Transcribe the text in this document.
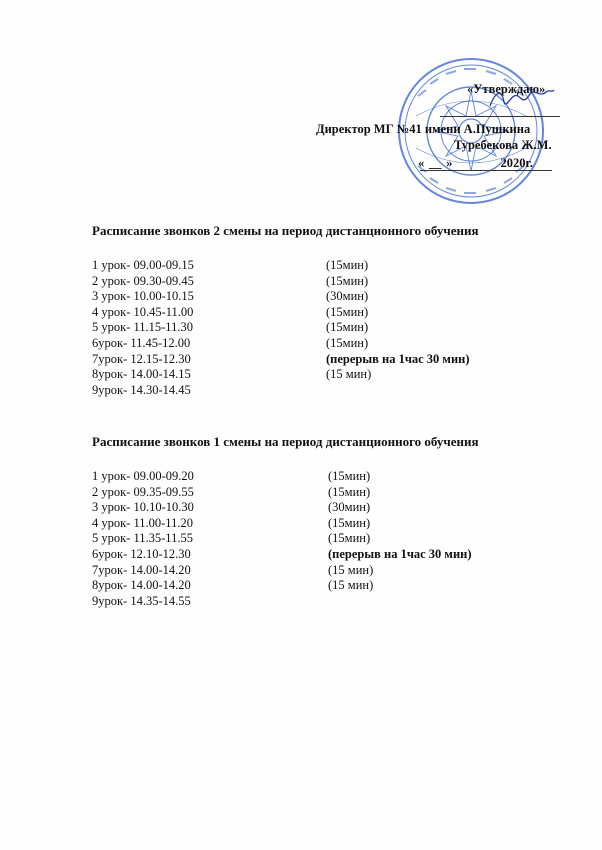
«Утверждаю»
Директор МГ №41 имени А.Пушкина
Туребекова Ж.М.
« __ »	2020г.
Расписание звонков 2 смены на период дистанционного обучения
1 урок- 09.00-09.15	(15мин)
2 урок- 09.30-09.45	(15мин)
3 урок- 10.00-10.15	(30мин)
4 урок- 10.45-11.00	(15мин)
5 урок- 11.15-11.30	(15мин)
6урок- 11.45-12.00	(15мин)
7урок- 12.15-12.30	(перерыв на 1час 30 мин)
8урок- 14.00-14.15	(15 мин)
9урок- 14.30-14.45
Расписание звонков 1 смены на период дистанционного обучения
1 урок- 09.00-09.20	(15мин)
2 урок- 09.35-09.55	(15мин)
3 урок- 10.10-10.30	(30мин)
4 урок- 11.00-11.20	(15мин)
5 урок- 11.35-11.55	(15мин)
6урок- 12.10-12.30	(перерыв на 1час 30 мин)
7урок- 14.00-14.20	(15 мин)
8урок- 14.00-14.20	(15 мин)
9урок- 14.35-14.55
